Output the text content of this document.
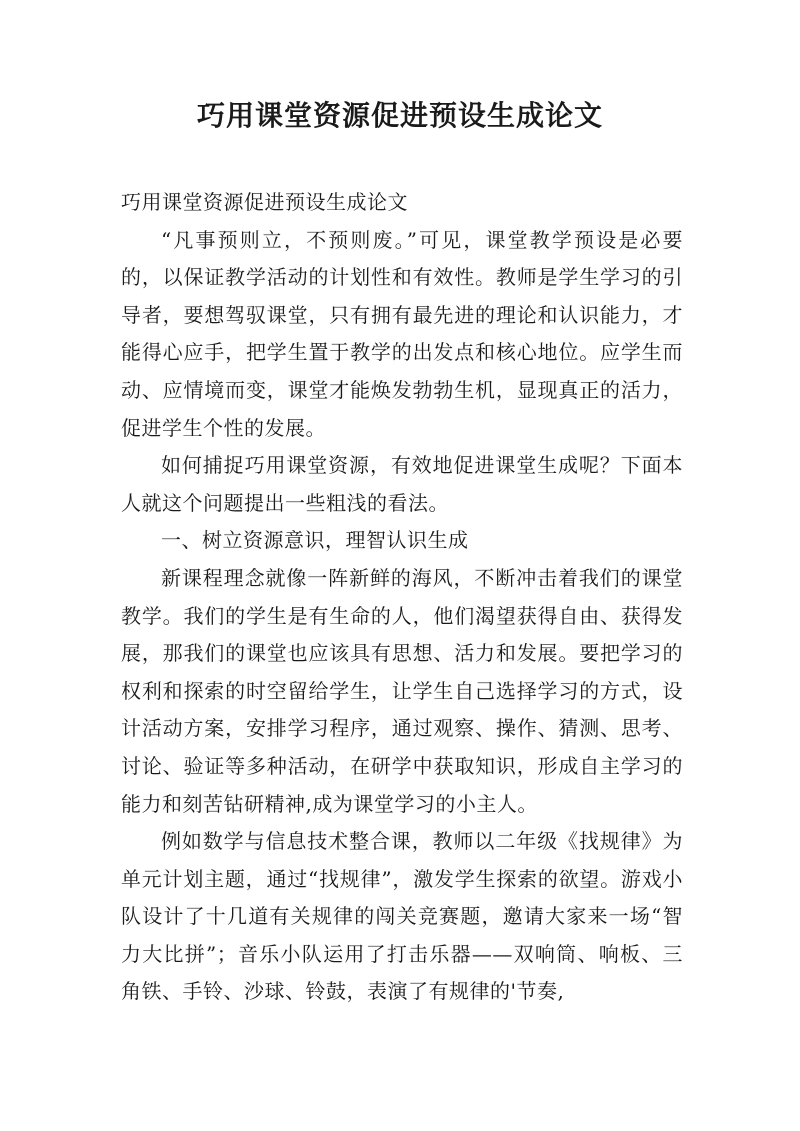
巧用课堂资源促进预设生成论文

巧用课堂资源促进预设生成论文

“凡事预则立，不预则废。”可见，课堂教学预设是必要的，以保证教学活动的计划性和有效性。教师是学生学习的引导者，要想驾驭课堂，只有拥有最先进的理论和认识能力，才能得心应手，把学生置于教学的出发点和核心地位。应学生而动、应情境而变，课堂才能焕发勃勃生机，显现真正的活力，促进学生个性的发展。

如何捕捉巧用课堂资源，有效地促进课堂生成呢？下面本人就这个问题提出一些粗浅的看法。

一、树立资源意识，理智认识生成

新课程理念就像一阵新鲜的海风，不断冲击着我们的课堂教学。我们的学生是有生命的人，他们渴望获得自由、获得发展，那我们的课堂也应该具有思想、活力和发展。要把学习的权利和探索的时空留给学生，让学生自己选择学习的方式，设计活动方案，安排学习程序，通过观察、操作、猜测、思考、讨论、验证等多种活动，在研学中获取知识，形成自主学习的能力和刻苦钻研精神,成为课堂学习的小主人。

例如数学与信息技术整合课，教师以二年级《找规律》为单元计划主题，通过“找规律”，激发学生探索的欲望。游戏小队设计了十几道有关规律的闯关竞赛题，邀请大家来一场“智力大比拼”；音乐小队运用了打击乐器——双响筒、响板、三角铁、手铃、沙球、铃鼓，表演了有规律的'节奏,
